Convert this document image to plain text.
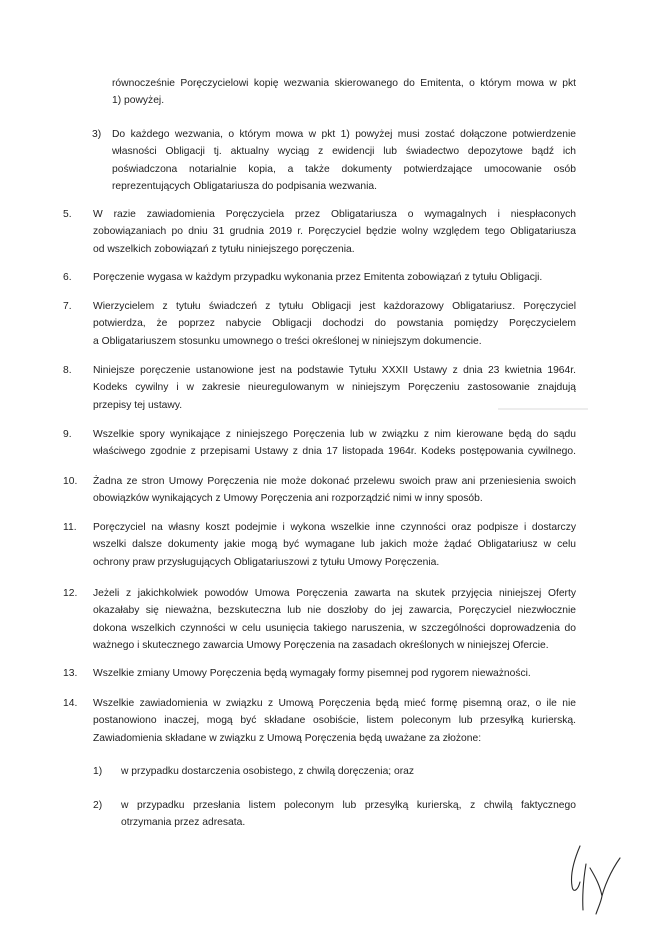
równocześnie Poręczycielowi kopię wezwania skierowanego do Emitenta, o którym mowa w pkt
1) powyżej.
3)	Do każdego wezwania, o którym mowa w pkt 1) powyżej musi zostać dołączone potwierdzenie
własności Obligacji tj. aktualny wyciąg z ewidencji lub świadectwo depozytowe bądź ich
poświadczona notarialnie kopia, a także dokumenty potwierdzające umocowanie osób
reprezentujących Obligatariusza do podpisania wezwania.
5.	W razie zawiadomienia Poręczyciela przez Obligatariusza o wymagalnych i niespłaconych
zobowiązaniach po dniu 31 grudnia 2019 r. Poręczyciel będzie wolny względem tego Obligatariusza
od wszelkich zobowiązań z tytułu niniejszego poręczenia.
6.	Poręczenie wygasa w każdym przypadku wykonania przez Emitenta zobowiązań z tytułu Obligacji.
7.	Wierzycielem z tytułu świadczeń z tytułu Obligacji jest każdorazowy Obligatariusz. Poręczyciel
potwierdza, że poprzez nabycie Obligacji dochodzi do powstania pomiędzy Poręczycielem
a Obligatariuszem stosunku umownego o treści określonej w niniejszym dokumencie.
8.	Niniejsze poręczenie ustanowione jest na podstawie Tytułu XXXII Ustawy z dnia 23 kwietnia 1964r.
Kodeks cywilny i w zakresie nieuregulowanym w niniejszym Poręczeniu zastosowanie znajdują
przepisy tej ustawy.
9.	Wszelkie spory wynikające z niniejszego Poręczenia lub w związku z nim kierowane będą do sądu
właściwego zgodnie z przepisami Ustawy z dnia 17 listopada 1964r. Kodeks postępowania cywilnego.
10.	Żadna ze stron Umowy Poręczenia nie może dokonać przelewu swoich praw ani przeniesienia swoich
obowiązków wynikających z Umowy Poręczenia ani rozporządzić nimi w inny sposób.
11.	Poręczyciel na własny koszt podejmie i wykona wszelkie inne czynności oraz podpisze i dostarczy
wszelki dalsze dokumenty jakie mogą być wymagane lub jakich może żądać Obligatariusz w celu
ochrony praw przysługujących Obligatariuszowi z tytułu Umowy Poręczenia.
12.	Jeżeli z jakichkolwiek powodów Umowa Poręczenia zawarta na skutek przyjęcia niniejszej Oferty
okazałaby się nieważna, bezskuteczna lub nie doszłoby do jej zawarcia, Poręczyciel niezwłocznie
dokona wszelkich czynności w celu usunięcia takiego naruszenia, w szczególności doprowadzenia do
ważnego i skutecznego zawarcia Umowy Poręczenia na zasadach określonych w niniejszej Ofercie.
13.	Wszelkie zmiany Umowy Poręczenia będą wymagały formy pisemnej pod rygorem nieważności.
14.	Wszelkie zawiadomienia w związku z Umową Poręczenia będą mieć formę pisemną oraz, o ile nie
postanowiono inaczej, mogą być składane osobiście, listem poleconym lub przesyłką kurierską.
Zawiadomienia składane w związku z Umową Poręczenia będą uważane za złożone:
1)	w przypadku dostarczenia osobistego, z chwilą doręczenia; oraz
2)	w przypadku przesłania listem poleconym lub przesyłką kurierską, z chwilą faktycznego
otrzymania przez adresata.
